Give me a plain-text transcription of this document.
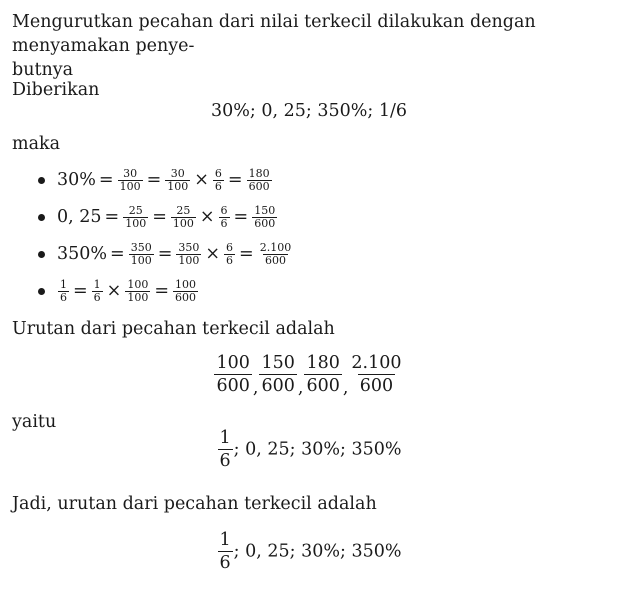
Mengurutkan pecahan dari nilai terkecil dilakukan dengan menyamakan penye-
butnya
Diberikan
30%; 0, 25; 350%; 1/6
maka
$30\% = \frac{30}{100} = \frac{30}{100} \times \frac{6}{6} = \frac{180}{600}$
0, $25 = \frac{25}{100} = \frac{25}{100} \times \frac{6}{6} = \frac{150}{600}$
$350\% = \frac{350}{100} = \frac{350}{100} \times \frac{6}{6} = \frac{2.100}{600}$
$\frac{1}{6} = \frac{1}{6} \times \frac{100}{100} = \frac{100}{600}$
Urutan dari pecahan terkecil adalah
$\frac{100}{600}$ , $\frac{150}{600}$ , $\frac{180}{600}$ , $\frac{2.100}{600}$
yaitu
$\frac{1}{6}$ ; 0, 25; 30%; 350%
Jadi, urutan dari pecahan terkecil adalah
$\frac{1}{6}$ ; 0, 25; 30%; 350%
